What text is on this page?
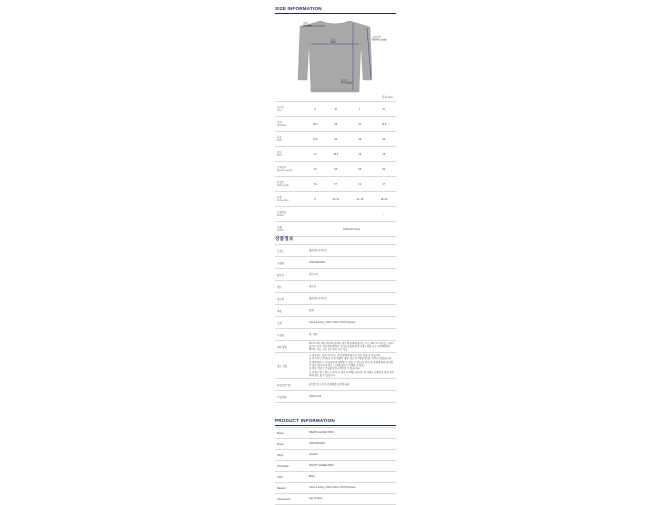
SIZE INFORMATION
어깨 Shoulder
가슴 Bust
소매길이 Sleeve Length
총길이 Full Length
단위 (cm)
사이즈
Size	S	M	L	XL

어깨
Shoulder	35.5	38	41	44.5

가슴
Bust	42.5	46	48	50

밑단
Hem	27	28.5	29	25

소매길이
Sleeve Length	46	53	56	62

총길이
Full Length	51	57	62	67

권장
Korea Size	8	10~12	14~16	18~20

모델착용
Model	-	-	-	✓

모델
Model	160cm(XL Size)			
상품정보
브랜드	폴로랄프로렌키즈
모델명	323979310002
원산지	캄보디아
정보	베트남
제조원	폴로랄프로렌키즈
색상	블랙
소재	Outer & Lining : 84% Cotton, 16% Polyester
구성품	택, 상품
세탁 방법	30 °C 에서 세탁 약하게 중세탁, 염소계 표백제 불가능, 온도 110 °C 다림질, 드라이클리닝 금지, 석유계용제세탁 가능(프로필렌 용제 사용), 텀블 건조 약하게(최대 60°C), 가능, 낮은 온도에서 건조 가능
제조 연월	※ 제공되는 실측 사이즈는 측정 방법에 따라 오차가 있을 수 있습니다.
※ 전시이 (스티커)로 사진 제품의 경우 제조 후 1개월 뒤에도 판매가 되었습니다.
※ 해외배송 시 국내 통관에 제약될 수 있음 수 있으며, 관련 실 정책에 따라 달라질 수 있음 (관부가세 별도, 고객부담금이 과세될 수 있음)
※ 외부 정보가 로딩중이거나 확인할 수 있습니다.
※ 이벤트 박스 반드시 문의 후 배송 안내해드립니다. 제 거래가 진행되지 않을 경우 판매 취소 될 수 있습니다.
품질보증기준	관련법 및 소비자 분쟁해결 규정에 따름
수입연월	2025-12-04
PRODUCT INFORMATION
Brand	RALPH LAUREN KIDS
Model	323979310002
Origin	Vietnam
Information	RALPH LAUREN KIDS
Color	Black
Material	Outer & Lining : 84% Cotton, 16% Polyester
Components	Tag, Product
